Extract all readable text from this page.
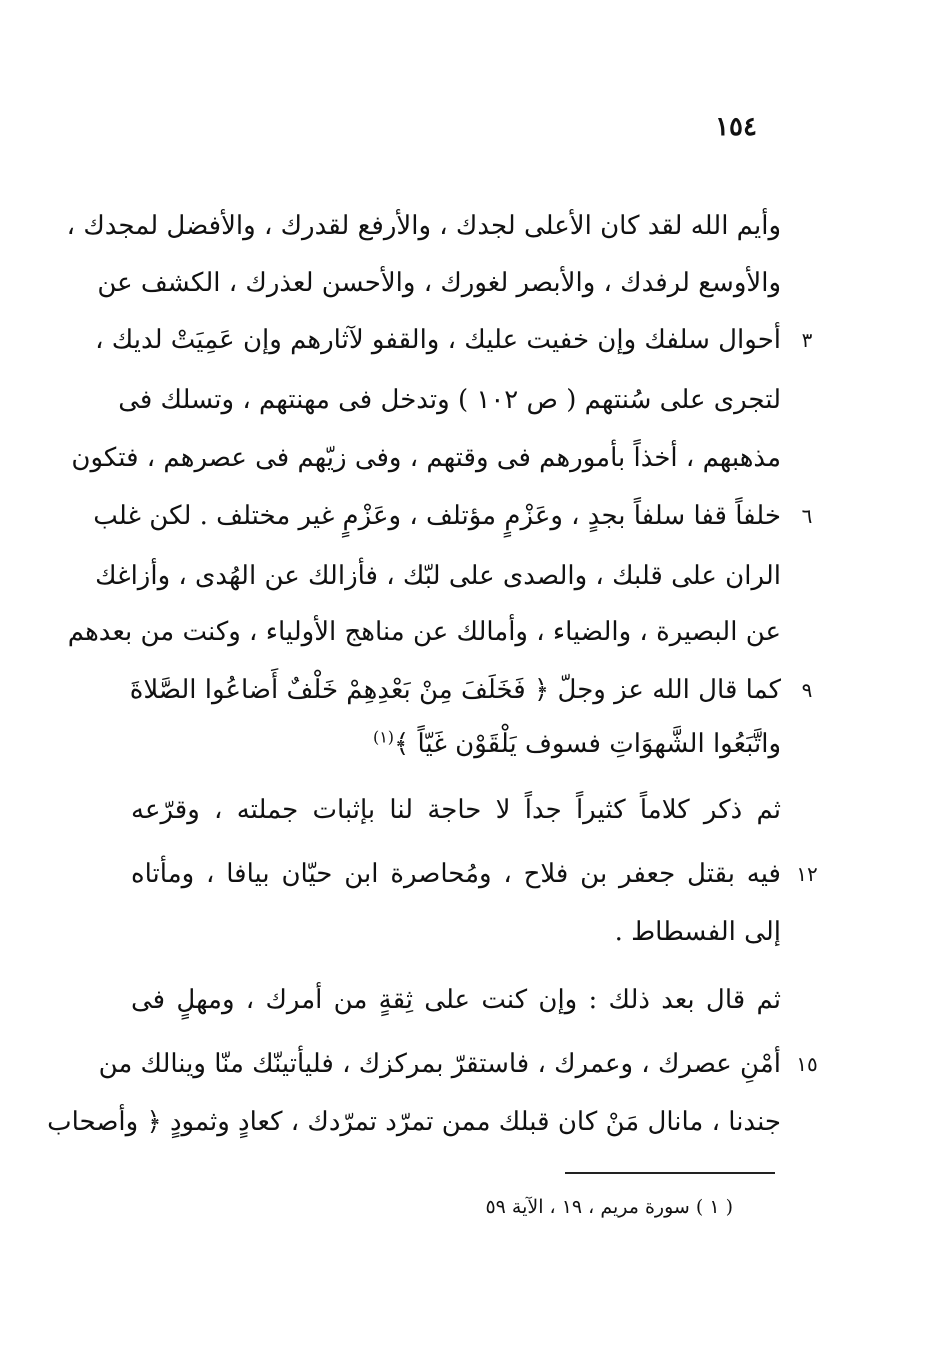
١٥٤
وأيم الله لقد كان الأعلى لجدك ، والأرفع لقدرك ، والأفضل لمجدك ،
والأوسع لرفدك ، والأبصر لغورك ، والأحسن لعذرك ، الكشف عن
أحوال سلفك وإن خفيت عليك ، والقفو لآثارهم وإن عَمِيَتْ لديك ،	٣
لتجرى على سُنتهم ( ص ١٠٢ ) وتدخل فى مهنتهم ، وتسلك فى
مذهبهم ، أخذاً بأمورهم فى وقتهم ، وفى زيّهم فى عصرهم ، فتكون
خلفاً قفا سلفاً بجدٍ ، وعَزْمٍ مؤتلف ، وعَزْمٍ غير مختلف . لكن غلب	٦
الران على قلبك ، والصدى على لبّك ، فأزالك عن الهُدى ، وأزاغك
عن البصيرة ، والضياء ، وأمالك عن مناهج الأولياء ، وكنت من بعدهم
كما قال الله عز وجلّ ﴿ فَخَلَفَ مِنْ بَعْدِهِمْ خَلْفٌ أَضاعُوا الصَّلاةَ	٩
واتَّبَعُوا الشَّهوَاتِ فسوف يَلْقَوْن غَيّاً ﴾$^{(١)}$
ثم ذكر كلاماً كثيراً جداً لا حاجة لنا بإثبات جملته ، وقرّعه
فيه بقتل جعفر بن فلاح ، ومُحاصرة ابن حيّان بيافا ، ومأتاه ١٢
إلى الفسطاط .
ثم قال بعد ذلك : وإن كنت على ثِقةٍ من أمرك ، ومهلٍ فى
أمْنِ عصرك ، وعمرك ، فاستقرّ بمركزك ، فليأتينّك منّا وينالك من ١٥
جندنا ، مانال مَنْ كان قبلك ممن تمرّد تمرّدك ، كعادٍ وثمودٍ ﴿ وأصحاب
( ١ ) سورة مريم ، ١٩ ، الآية ٥٩
